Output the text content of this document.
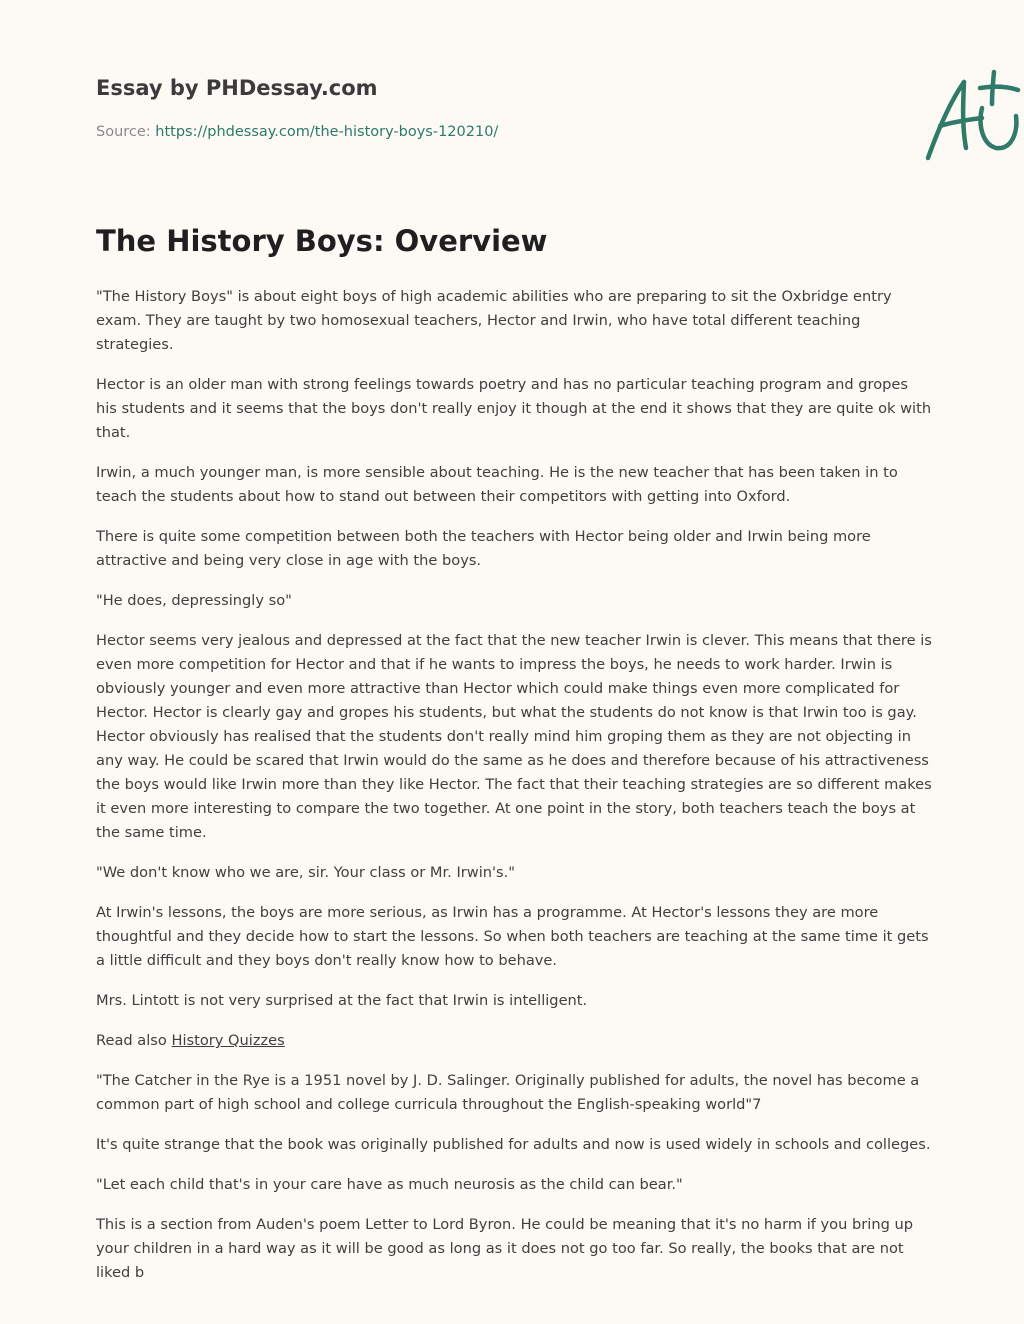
Essay by PHDessay.com
Source: https://phdessay.com/the-history-boys-120210/
The History Boys: Overview

"The History Boys" is about eight boys of high academic abilities who are preparing to sit the Oxbridge entry exam. They are taught by two homosexual teachers, Hector and Irwin, who have total different teaching strategies.

Hector is an older man with strong feelings towards poetry and has no particular teaching program and gropes his students and it seems that the boys don't really enjoy it though at the end it shows that they are quite ok with that.

Irwin, a much younger man, is more sensible about teaching. He is the new teacher that has been taken in to teach the students about how to stand out between their competitors with getting into Oxford.

There is quite some competition between both the teachers with Hector being older and Irwin being more attractive and being very close in age with the boys.

"He does, depressingly so"

Hector seems very jealous and depressed at the fact that the new teacher Irwin is clever. This means that there is even more competition for Hector and that if he wants to impress the boys, he needs to work harder. Irwin is obviously younger and even more attractive than Hector which could make things even more complicated for Hector. Hector is clearly gay and gropes his students, but what the students do not know is that Irwin too is gay. Hector obviously has realised that the students don't really mind him groping them as they are not objecting in any way. He could be scared that Irwin would do the same as he does and therefore because of his attractiveness the boys would like Irwin more than they like Hector. The fact that their teaching strategies are so different makes it even more interesting to compare the two together. At one point in the story, both teachers teach the boys at the same time.

"We don't know who we are, sir. Your class or Mr. Irwin's."

At Irwin's lessons, the boys are more serious, as Irwin has a programme. At Hector's lessons they are more thoughtful and they decide how to start the lessons. So when both teachers are teaching at the same time it gets a little difficult and they boys don't really know how to behave.

Mrs. Lintott is not very surprised at the fact that Irwin is intelligent.

Read also History Quizzes

"The Catcher in the Rye is a 1951 novel by J. D. Salinger. Originally published for adults, the novel has become a common part of high school and college curricula throughout the English-speaking world"7

It's quite strange that the book was originally published for adults and now is used widely in schools and colleges.

"Let each child that's in your care have as much neurosis as the child can bear."

This is a section from Auden's poem Letter to Lord Byron. He could be meaning that it's no harm if you bring up your children in a hard way as it will be good as long as it does not go too far. So really, the books that are not liked b
